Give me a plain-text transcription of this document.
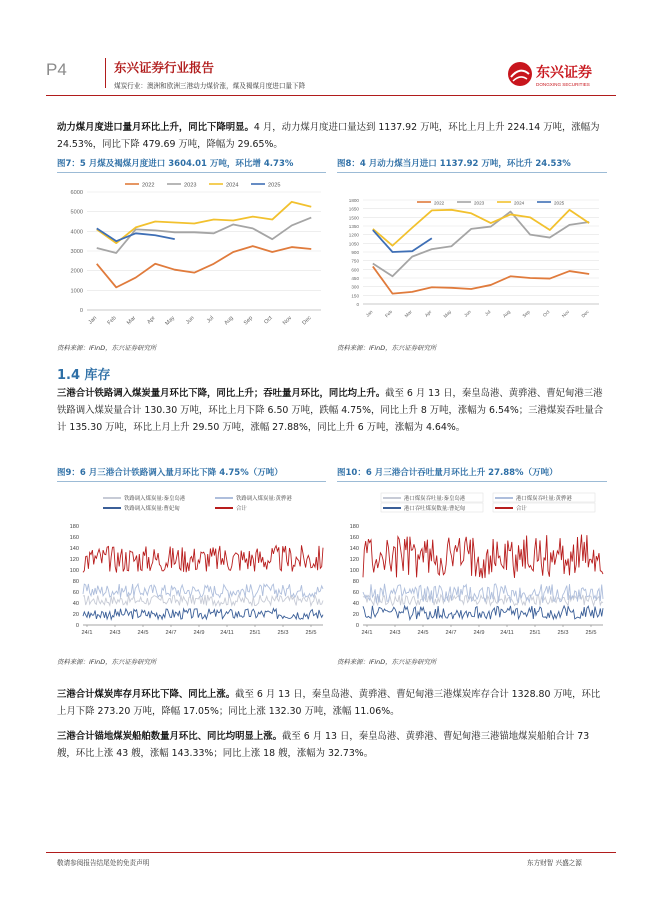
P4	东兴证券行业报告
煤炭行业：澳洲和欧洲三港动力煤价涨，煤及褐煤月度进口量下降
东兴证券
DONGXING SECURITIES
动力煤月度进口量月环比上升，同比下降明显。4 月，动力煤月度进口量达到 1137.92 万吨，环比上月上升 224.14 万吨，涨幅为 24.53%，同比下降 479.69 万吨，降幅为 29.65%。
图7：5 月煤及褐煤月度进口 3604.01 万吨，环比增 4.73%	图8：4 月动力煤当月进口 1137.92 万吨，环比升 24.53%
0
1000
2000
3000
4000
5000
6000
Jan Feb Mar Apr May Jun Jul Aug Sep Oct Nov Dec
2022	2023	2024	2025
0
150
300
450
600
750
900
1050
1200
1350
1500
1650
1800
Jan Feb Mar Apr May Jun	Jul Aug Sep Oct Nov Dec
2022	2023	2024	2025
资料来源：iFinD，东兴证券研究所	资料来源：iFinD，东兴证券研究所
1.4 库存
三港合计铁路调入煤炭量月环比下降，同比上升；吞吐量月环比，同比均上升。截至 6 月 13 日，秦皇岛港、黄骅港、曹妃甸港三港铁路调入煤炭量合计 130.30 万吨，环比上月下降 6.50 万吨，跌幅 4.75%，同比上升 8 万吨，涨幅为 6.54%；三港煤炭吞吐量合计 135.30 万吨，环比上月上升 29.50 万吨，涨幅 27.88%，同比上升 6 万吨，涨幅为 4.64%。
图9：6 月三港合计铁路调入量月环比下降 4.75%（万吨）	图10：6 月三港合计吞吐量月环比上升 27.88%（万吨）
铁路调入煤炭量:秦皇岛港	铁路调入煤炭量:黄骅港
铁路调入煤炭量:曹妃甸	合计
0
20
40
60
80
100
120
140
160
180
24/1	24/3	24/5	24/7	24/9	24/11	25/1	25/3	25/5
港口煤炭吞吐量:秦皇岛港	港口煤炭吞吐量:黄骅港
港口吞吐煤炭数量:曹妃甸	合计
0
20
40
60
80
100
120
140
160
180
24/1	24/3	24/5	24/7	24/9	24/11	25/1	25/3	25/5
资料来源：iFinD，东兴证券研究所	资料来源：iFinD，东兴证券研究所
三港合计煤炭库存月环比下降、同比上涨。截至 6 月 13 日，秦皇岛港、黄骅港、曹妃甸港三港煤炭库存合计 1328.80 万吨，环比上月下降 273.20 万吨，降幅 17.05%；同比上涨 132.30 万吨，涨幅 11.06%。
三港合计锚地煤炭船舶数量月环比、同比均明显上涨。截至 6 月 13 日，秦皇岛港、黄骅港、曹妃甸港三港锚地煤炭船舶合计 73 艘，环比上涨 43 艘，涨幅 143.33%；同比上涨 18 艘，涨幅为 32.73%。
敬请参阅报告结尾处的免责声明	东方财智 兴盛之源
